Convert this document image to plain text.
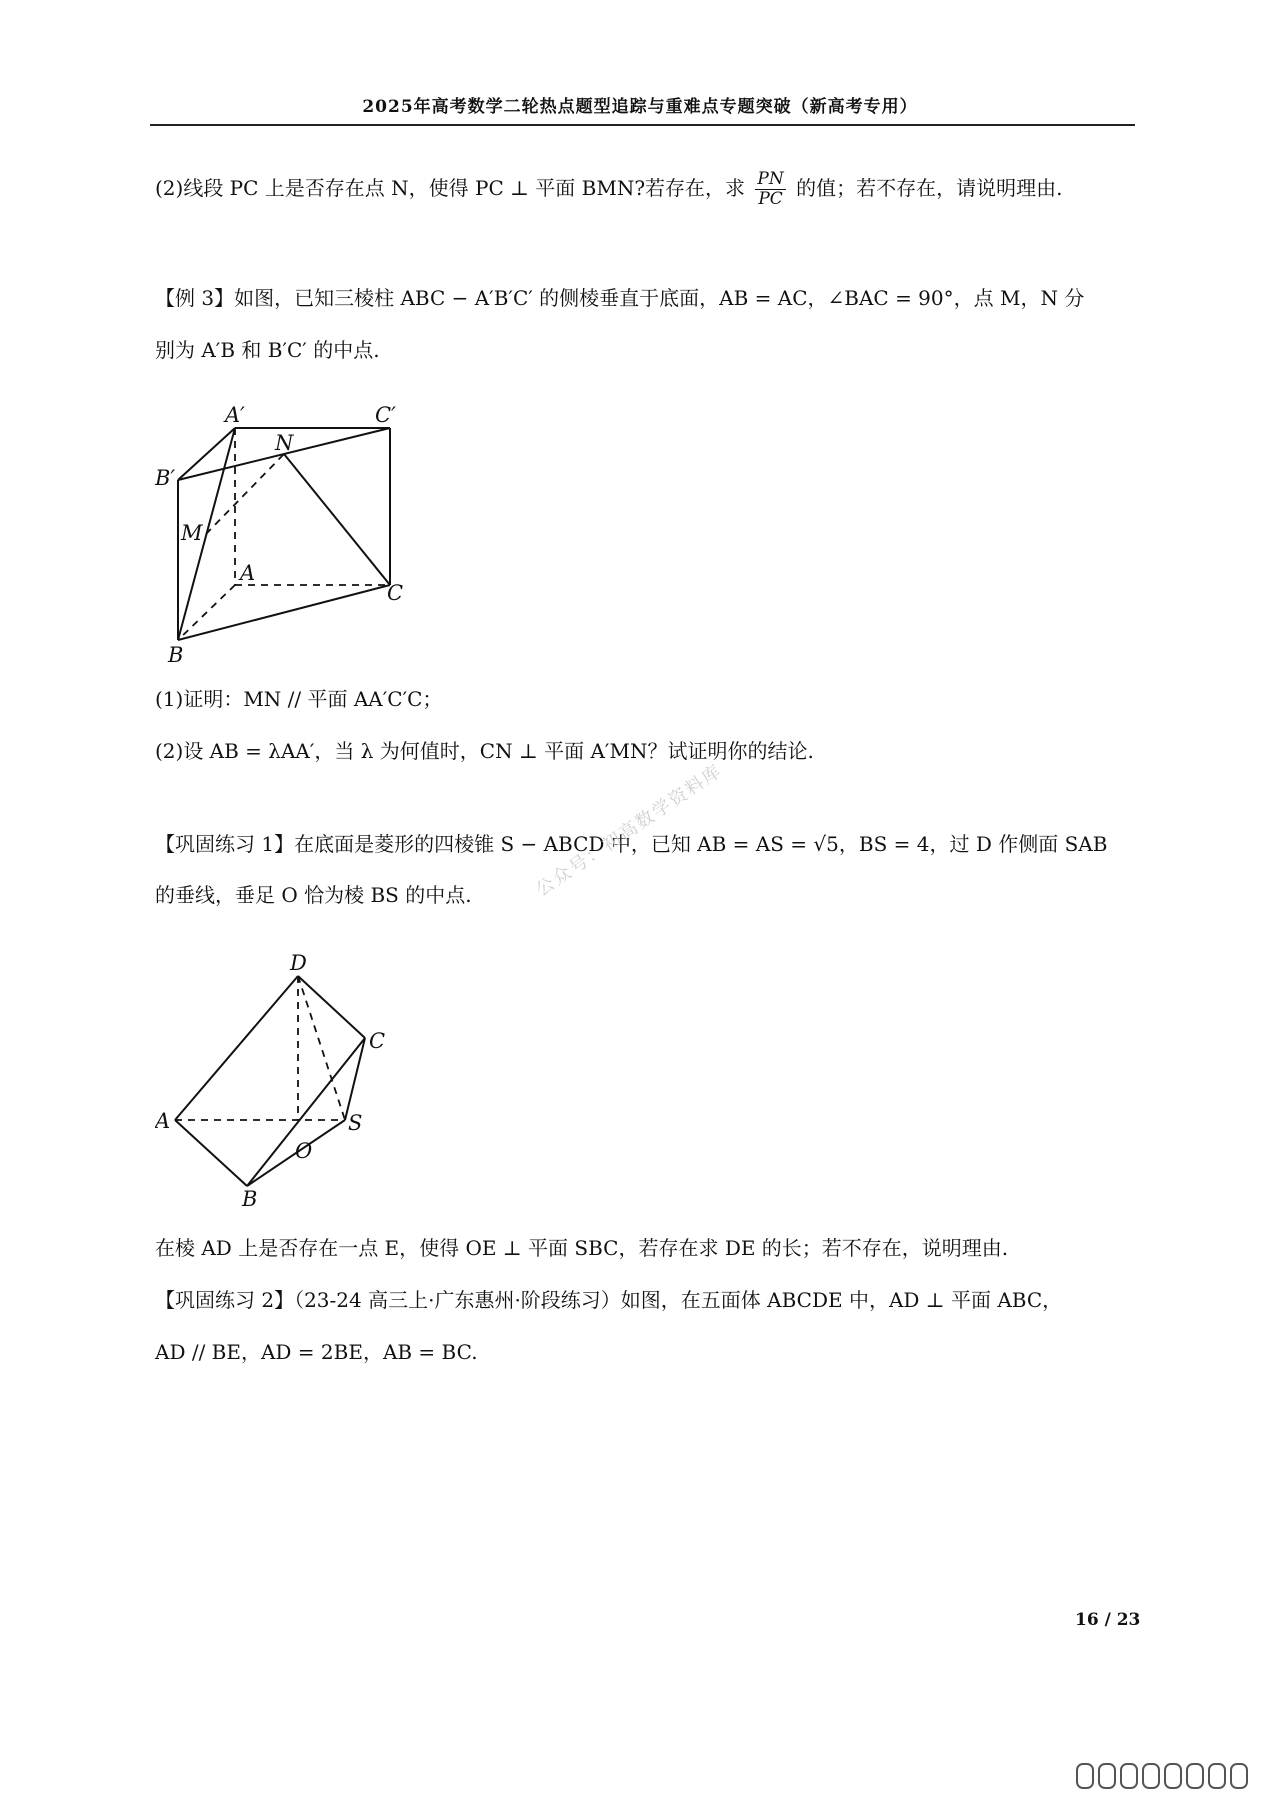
2025年高考数学二轮热点题型追踪与重难点专题突破（新高考专用）
(2)线段 PC 上是否存在点 N，使得 PC ⊥ 平面 BMN?若存在，求 $\frac{PN}{PC}$ 的值；若不存在，请说明理由.
【例 3】如图，已知三棱柱 ABC − A′B′C′ 的侧棱垂直于底面，AB = AC，∠BAC = 90°，点 M，N 分
别为 A′B 和 B′C′ 的中点.
A′	C′
N
B′
M
A
C
B
(1)证明：MN // 平面 AA′C′C；
(2)设 AB = λAA′，当 λ 为何值时，CN ⊥ 平面 A′MN？试证明你的结论.
【巩固练习 1】在底面是菱形的四棱锥 S − ABCD 中，已知 AB = AS = √5，BS = 4，过 D 作侧面 SAB
的垂线，垂足 O 恰为棱 BS 的中点.	公众号：初高数学资料库
D
C
A	S
O
B
在棱 AD 上是否存在一点 E，使得 OE ⊥ 平面 SBC，若存在求 DE 的长；若不存在，说明理由.
【巩固练习 2】（23-24 高三上·广东惠州·阶段练习）如图，在五面体 ABCDE 中，AD ⊥ 平面 ABC，
AD // BE，AD = 2BE，AB = BC.
16 / 23
